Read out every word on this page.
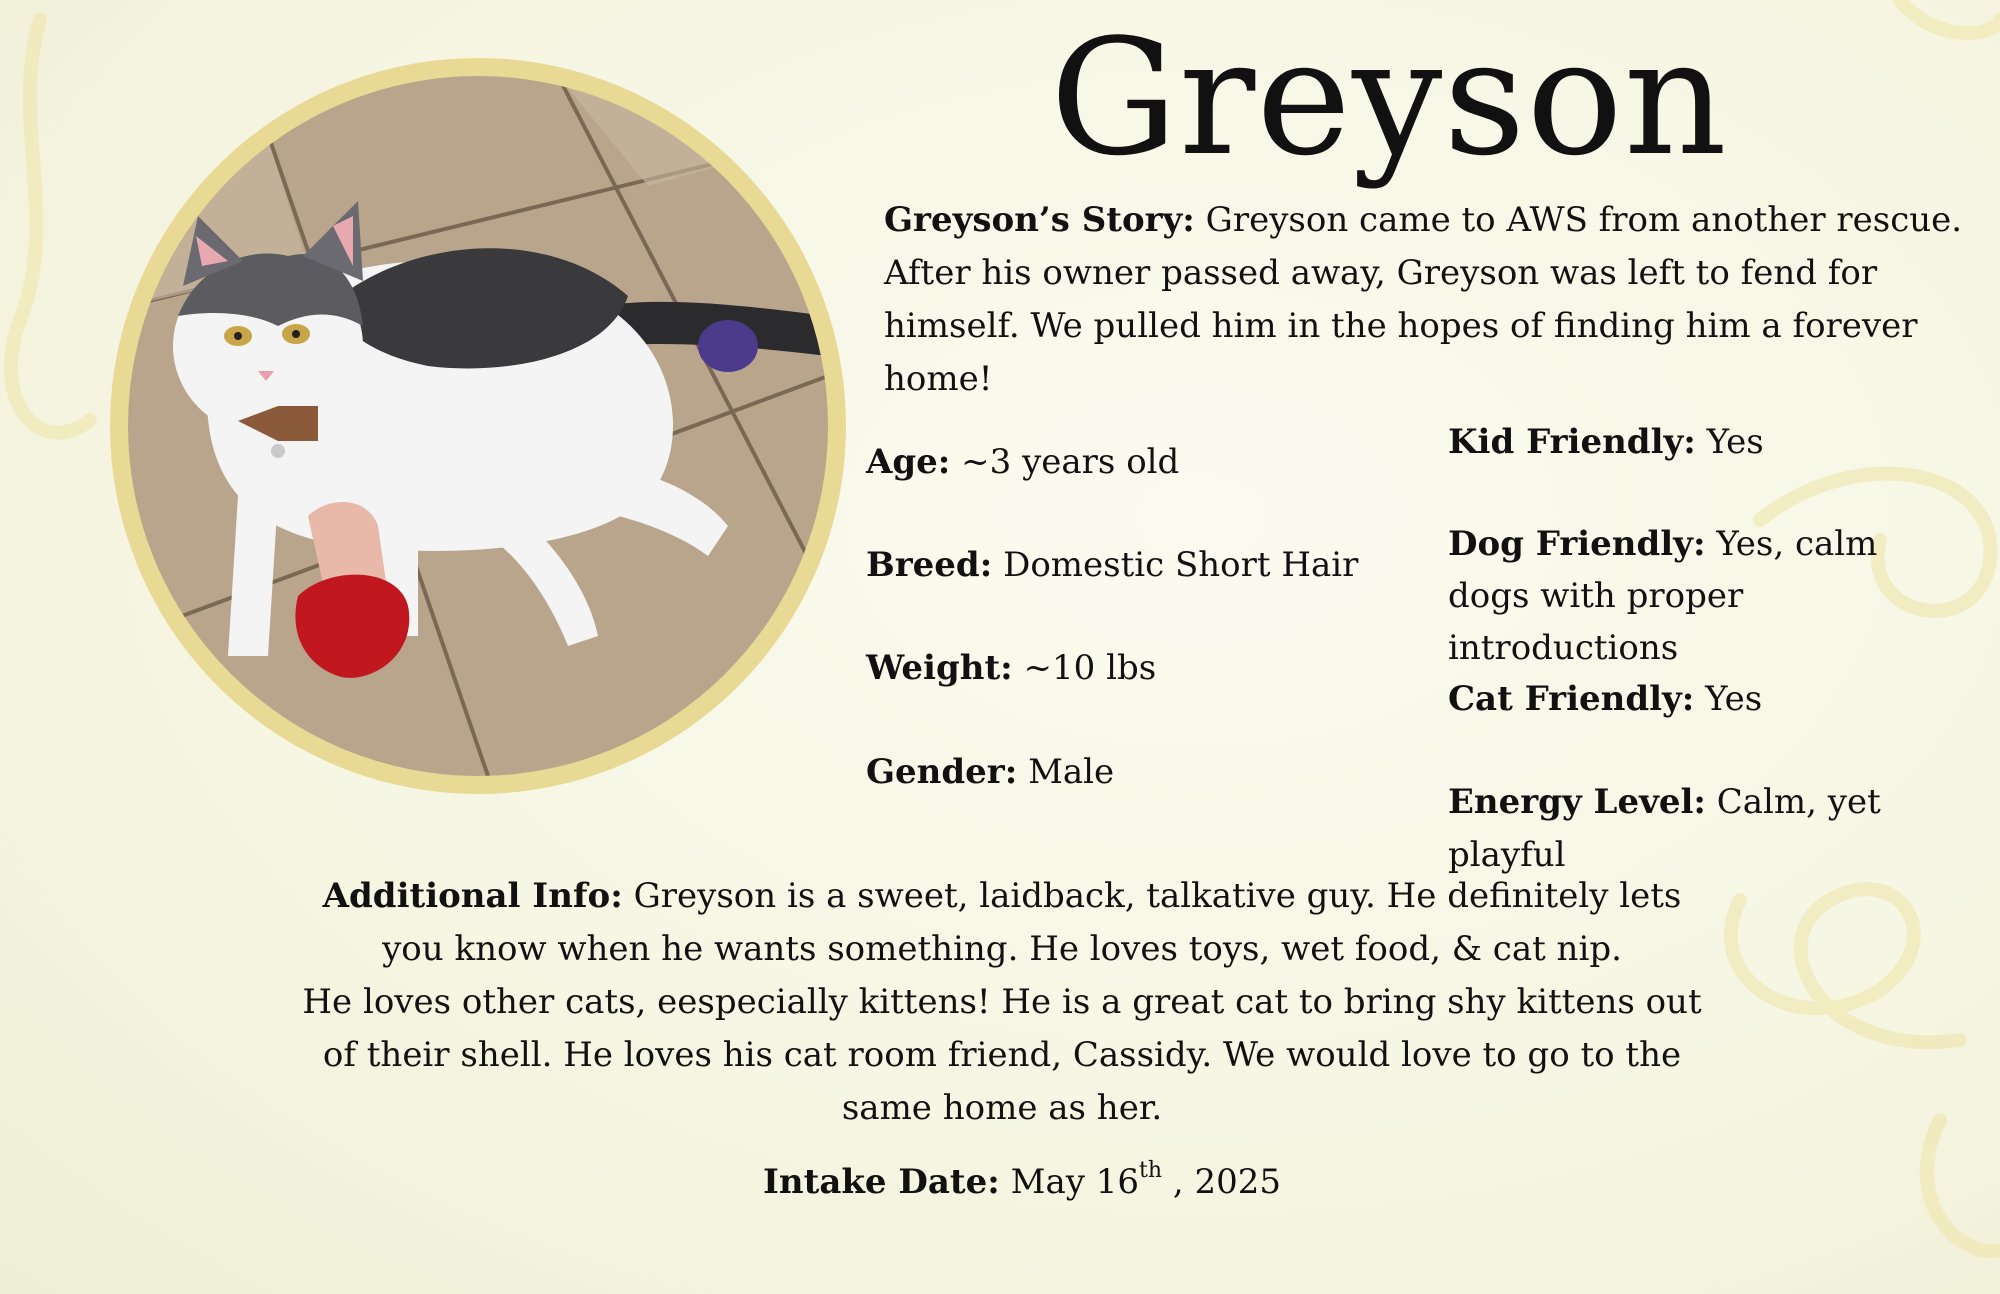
Greyson
Greyson’s Story: Greyson came to AWS from another rescue. After his owner passed away, Greyson was left to fend for himself. We pulled him in the hopes of finding him a forever home!
Age: ~3 years old
Breed: Domestic Short Hair
Weight: ~10 lbs
Gender: Male
Kid Friendly: Yes
Dog Friendly: Yes, calm dogs with proper introductions
Cat Friendly: Yes
Energy Level: Calm, yet playful
Additional Info: Greyson is a sweet, laidback, talkative guy. He definitely lets you know when he wants something. He loves toys, wet food, & cat nip.
He loves other cats, eespecially kittens! He is a great cat to bring shy kittens out of their shell. He loves his cat room friend, Cassidy. We would love to go to the same home as her.
Intake Date: May 16th , 2025
